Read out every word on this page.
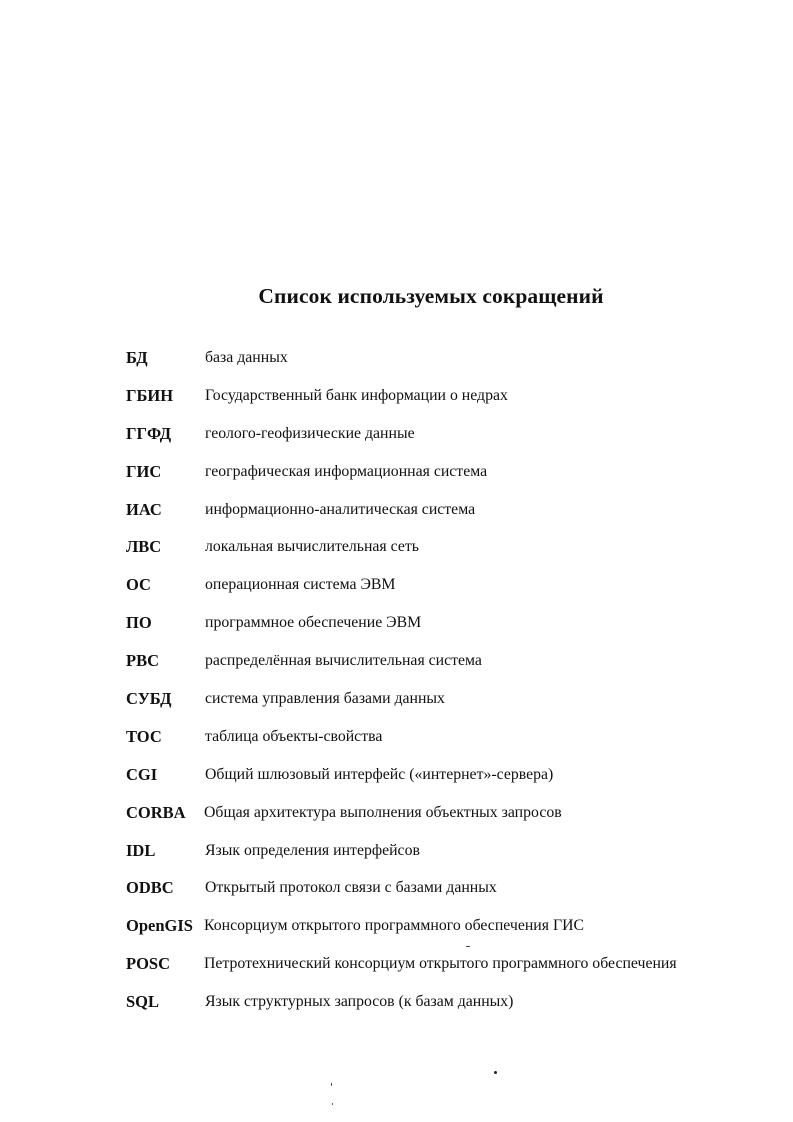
Список используемых сокращений
БД	база данных
ГБИН Государственный банк информации о недрах
ГГФД геолого-геофизические данные
ГИС	географическая информационная система
ИАС	информационно-аналитическая система
ЛВС	локальная вычислительная сеть
ОС	операционная система ЭВМ
ПО	программное обеспечение ЭВМ
РВС	распределённая вычислительная система
СУБД система управления базами данных
ТОС	таблица объекты-свойства
CGI	Общий шлюзовый интерфейс («интернет»-сервера)
CORBA Общая архитектура выполнения объектных запросов
IDL	Язык определения интерфейсов
ODBC Открытый протокол связи с базами данных
OpenGIS Консорциум открытого программного обеспечения ГИС
POSC Петротехнический консорциум открытого программного обеспечения
SQL	Язык структурных запросов (к базам данных)
